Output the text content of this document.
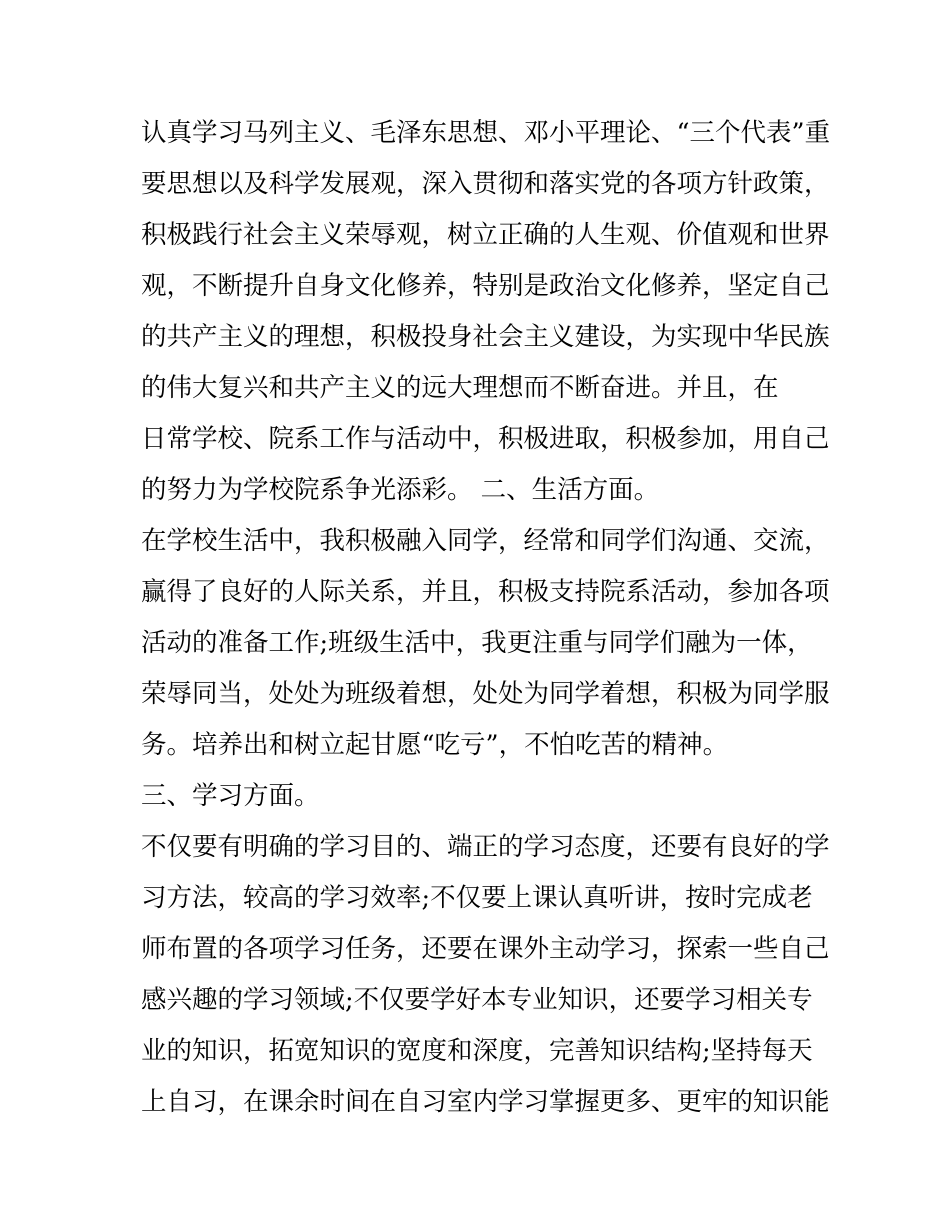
认真学习马列主义、毛泽东思想、邓小平理论、“三个代表”重
要思想以及科学发展观，深入贯彻和落实党的各项方针政策，
积极践行社会主义荣辱观，树立正确的人生观、价值观和世界
观，不断提升自身文化修养，特别是政治文化修养，坚定自己
的共产主义的理想，积极投身社会主义建设，为实现中华民族
的伟大复兴和共产主义的远大理想而不断奋进。并且，在
日常学校、院系工作与活动中，积极进取，积极参加，用自己
的努力为学校院系争光添彩。 二、生活方面。
在学校生活中，我积极融入同学，经常和同学们沟通、交流，
赢得了良好的人际关系，并且，积极支持院系活动，参加各项
活动的准备工作;班级生活中，我更注重与同学们融为一体，
荣辱同当，处处为班级着想，处处为同学着想，积极为同学服
务。培养出和树立起甘愿“吃亏”，不怕吃苦的精神。
三、学习方面。
不仅要有明确的学习目的、端正的学习态度，还要有良好的学
习方法，较高的学习效率;不仅要上课认真听讲，按时完成老
师布置的各项学习任务，还要在课外主动学习，探索一些自己
感兴趣的学习领域;不仅要学好本专业知识，还要学习相关专
业的知识，拓宽知识的宽度和深度，完善知识结构;坚持每天
上自习，在课余时间在自习室内学习掌握更多、更牢的知识能
